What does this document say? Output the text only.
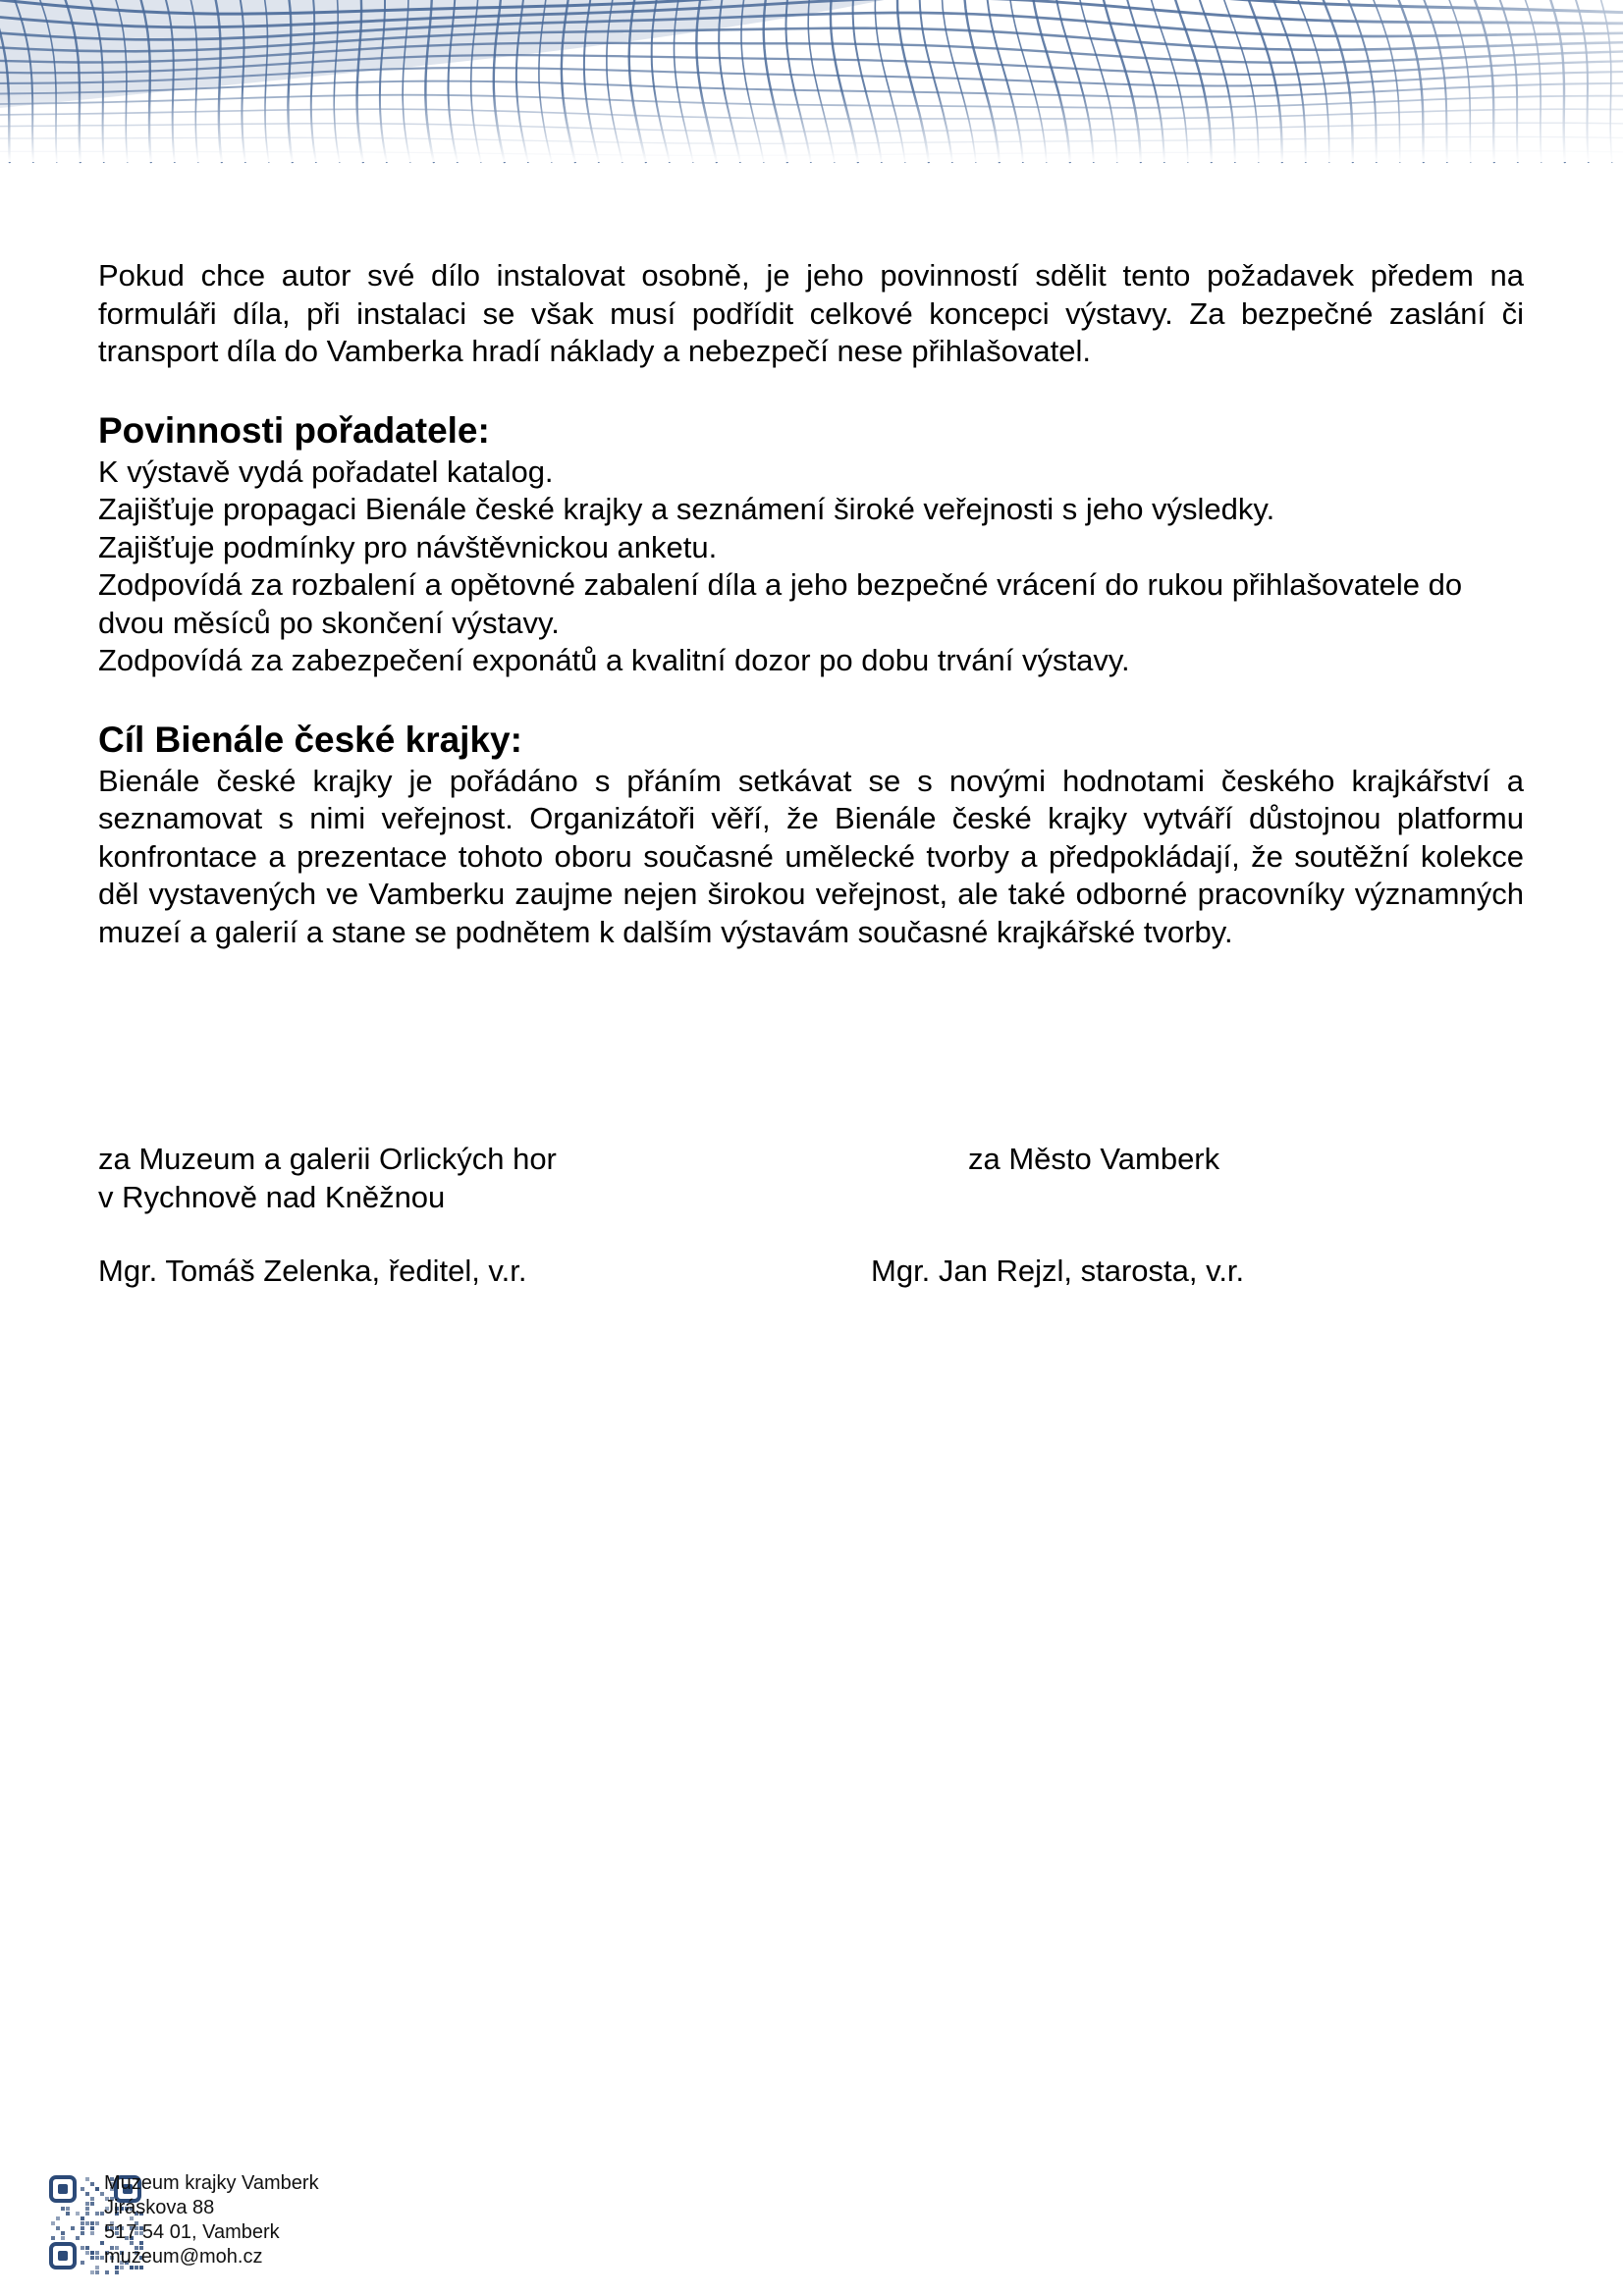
Pokud chce autor své dílo instalovat osobně, je jeho povinností sdělit tento požadavek předem na formuláři díla, při instalaci se však musí podřídit celkové koncepci výstavy. Za bezpečné zaslání či transport díla do Vamberka hradí náklady a nebezpečí nese přihlašovatel.

Povinnosti pořadatele:
K výstavě vydá pořadatel katalog.
Zajišťuje propagaci Bienále české krajky a seznámení široké veřejnosti s jeho výsledky.
Zajišťuje podmínky pro návštěvnickou anketu.
Zodpovídá za rozbalení a opětovné zabalení díla a jeho bezpečné vrácení do rukou přihlašovatele do dvou měsíců po skončení výstavy.
Zodpovídá za zabezpečení exponátů a kvalitní dozor po dobu trvání výstavy.
Cíl Bienále české krajky:

Bienále české krajky je pořádáno s přáním setkávat se s novými hodnotami českého krajkářství a seznamovat s nimi veřejnost. Organizátoři věří, že Bienále české krajky vytváří důstojnou platformu konfrontace a prezentace tohoto oboru současné umělecké tvorby a předpokládají, že soutěžní kolekce děl vystavených ve Vamberku zaujme nejen širokou veřejnost, ale také odborné pracovníky významných muzeí a galerií a stane se podnětem k dalším výstavám současné krajkářské tvorby.

za Muzeum a galerii Orlických hor
v Rychnově nad Kněžnou
za Město Vamberk
Mgr. Tomáš Zelenka, ředitel, v.r.	Mgr. Jan Rejzl, starosta, v.r.
Muzeum krajky Vamberk
Jiráskova 88
517 54 01, Vamberk
muzeum@moh.cz
